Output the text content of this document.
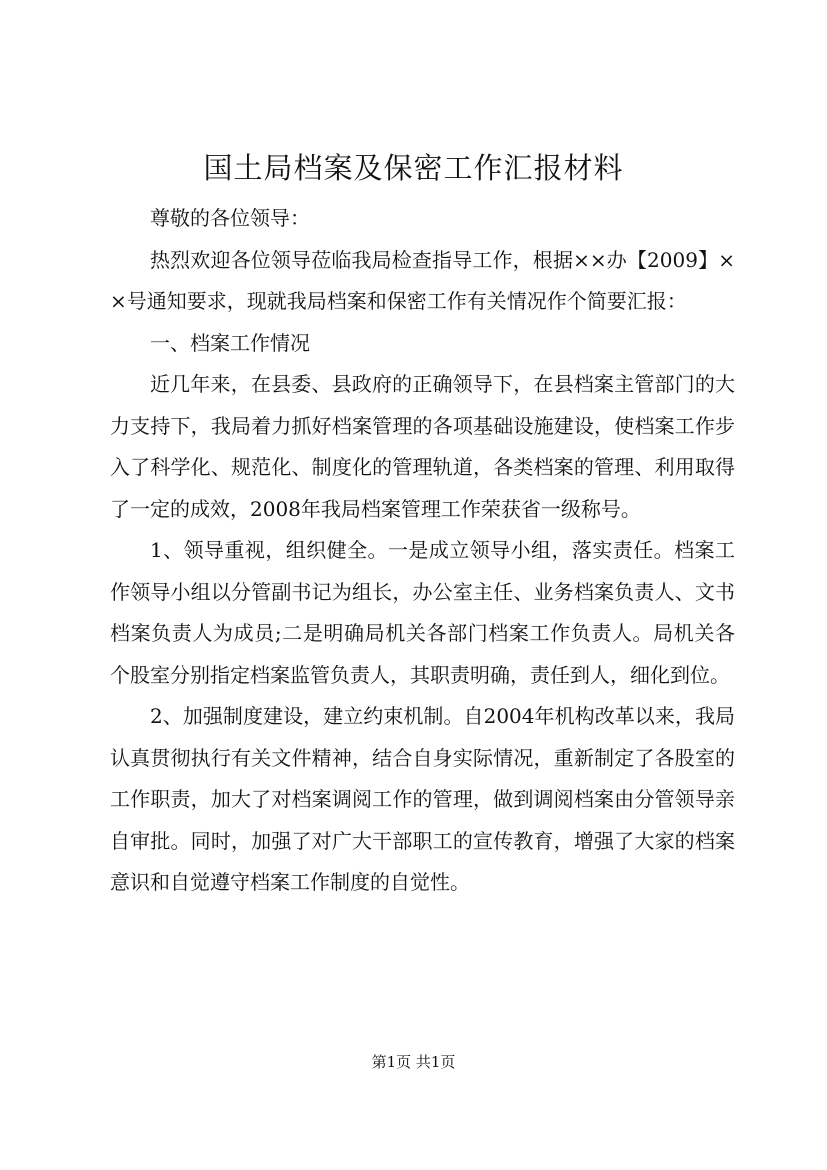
国土局档案及保密工作汇报材料

尊敬的各位领导：

热烈欢迎各位领导莅临我局检查指导工作，根据××办【2009】××号通知要求，现就我局档案和保密工作有关情况作个简要汇报：

一、档案工作情况

近几年来，在县委、县政府的正确领导下，在县档案主管部门的大力支持下，我局着力抓好档案管理的各项基础设施建设，使档案工作步入了科学化、规范化、制度化的管理轨道，各类档案的管理、利用取得了一定的成效，2008年我局档案管理工作荣获省一级称号。

1、领导重视，组织健全。一是成立领导小组，落实责任。档案工作领导小组以分管副书记为组长，办公室主任、业务档案负责人、文书档案负责人为成员;二是明确局机关各部门档案工作负责人。局机关各个股室分别指定档案监管负责人，其职责明确，责任到人，细化到位。

2、加强制度建设，建立约束机制。自2004年机构改革以来，我局认真贯彻执行有关文件精神，结合自身实际情况，重新制定了各股室的工作职责，加大了对档案调阅工作的管理，做到调阅档案由分管领导亲自审批。同时，加强了对广大干部职工的宣传教育，增强了大家的档案意识和自觉遵守档案工作制度的自觉性。

第1页 共1页
